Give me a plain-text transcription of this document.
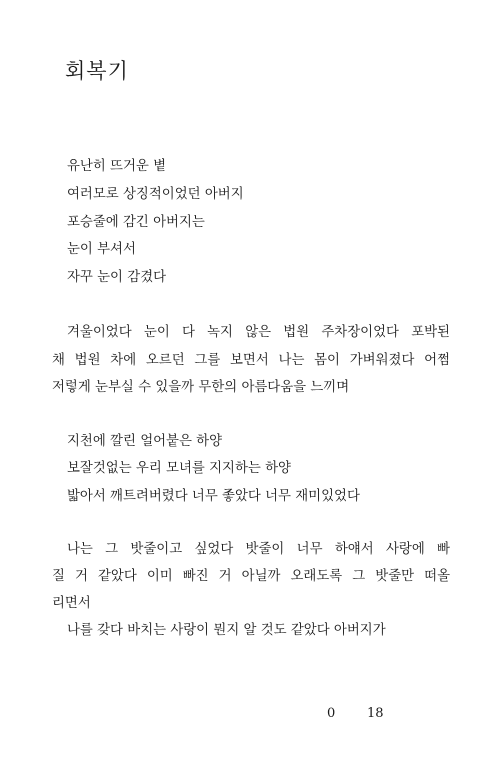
회복기
유난히 뜨거운 볕
여러모로 상징적이었던 아버지
포승줄에 감긴 아버지는
눈이 부셔서
자꾸 눈이 감겼다
겨울이었다 눈이 다 녹지 않은 법원 주차장이었다 포박된
채 법원 차에 오르던 그를 보면서 나는 몸이 가벼워졌다 어쩜
저렇게 눈부실 수 있을까 무한의 아름다움을 느끼며
지천에 깔린 얼어붙은 하양
보잘것없는 우리 모녀를 지지하는 하양
밟아서 깨트려버렸다 너무 좋았다 너무 재미있었다
나는 그 밧줄이고 싶었다 밧줄이 너무 하얘서 사랑에 빠
질 거 같았다 이미 빠진 거 아닐까 오래도록 그 밧줄만 떠올
리면서
나를 갖다 바치는 사랑이 뭔지 알 것도 같았다 아버지가
0 18
